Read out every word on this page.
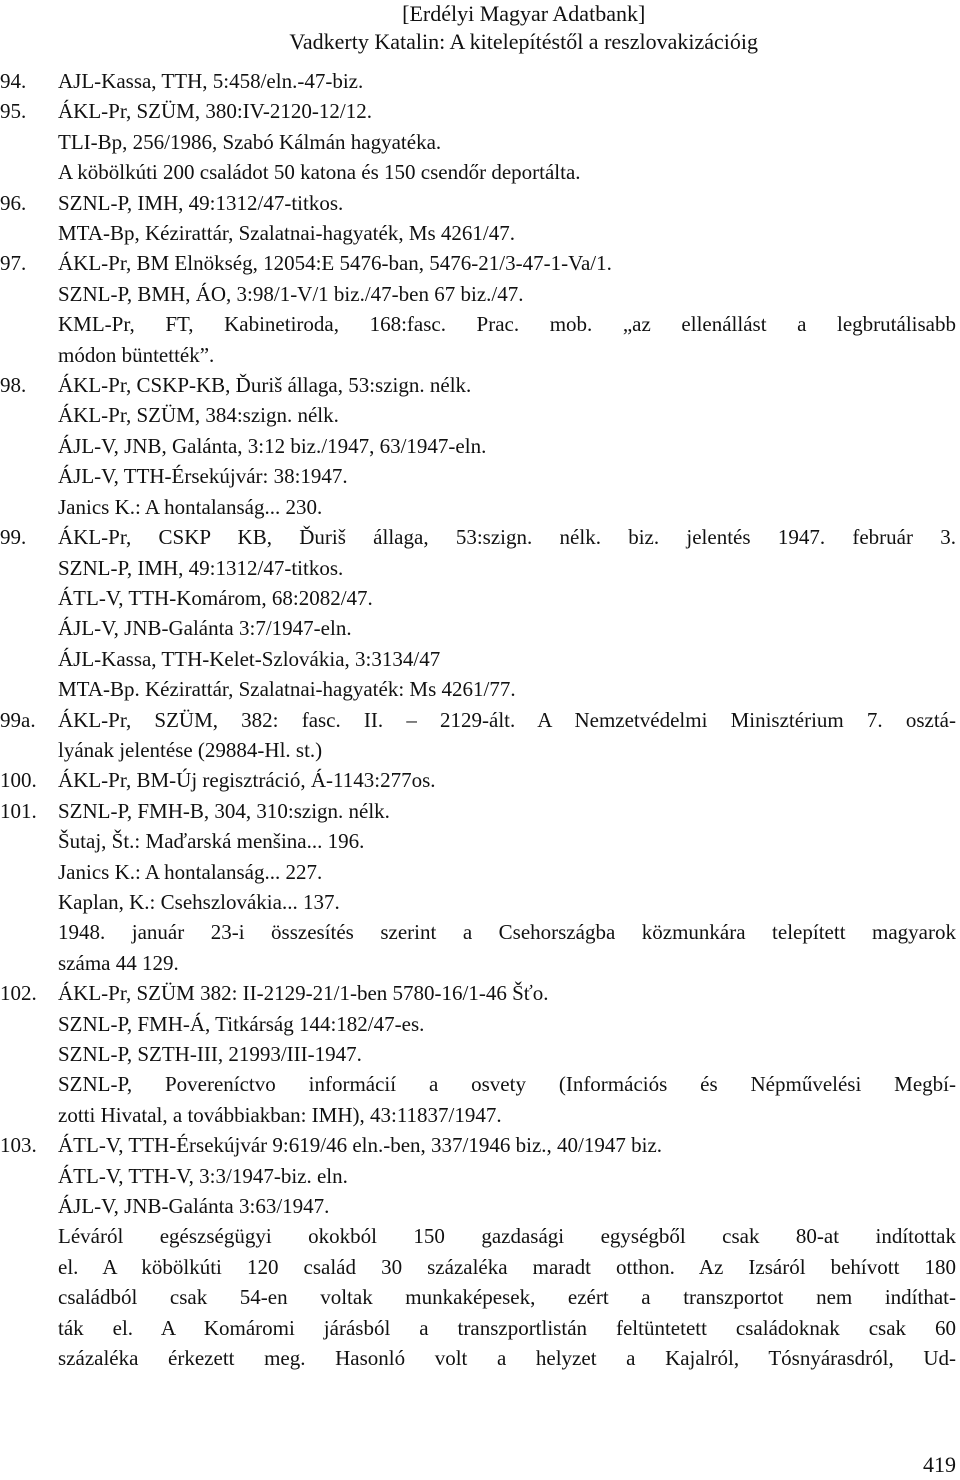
[Erdélyi Magyar Adatbank]
Vadkerty Katalin: A kitelepítéstől a reszlovakizációig
94.	AJL-Kassa, TTH, 5:458/eln.-47-biz.
95.	ÁKL-Pr, SZÜM, 380:IV-2120-12/12.
TLI-Bp, 256/1986, Szabó Kálmán hagyatéka.
A köbölkúti 200 családot 50 katona és 150 csendőr deportálta.
96.	SZNL-P, IMH, 49:1312/47-titkos.
MTA-Bp, Kézirattár, Szalatnai-hagyaték, Ms 4261/47.
97.	ÁKL-Pr, BM Elnökség, 12054:E 5476-ban, 5476-21/3-47-1-Va/1.
SZNL-P, BMH, ÁO, 3:98/1-V/1 biz./47-ben 67 biz./47.
KML-Pr, FT, Kabinetiroda, 168:fasc. Prac. mob. „az ellenállást a legbrutálisabb
módon büntették”.
98.	ÁKL-Pr, CSKP-KB, Ďuriš állaga, 53:szign. nélk.
ÁKL-Pr, SZÜM, 384:szign. nélk.
ÁJL-V, JNB, Galánta, 3:12 biz./1947, 63/1947-eln.
ÁJL-V, TTH-Érsekújvár: 38:1947.
Janics K.: A hontalanság... 230.
99.	ÁKL-Pr, CSKP KB, Ďuriš állaga, 53:szign. nélk. biz. jelentés 1947. február 3.
SZNL-P, IMH, 49:1312/47-titkos.
ÁTL-V, TTH-Komárom, 68:2082/47.
ÁJL-V, JNB-Galánta 3:7/1947-eln.
ÁJL-Kassa, TTH-Kelet-Szlovákia, 3:3134/47
MTA-Bp. Kézirattár, Szalatnai-hagyaték: Ms 4261/77.
99a.	ÁKL-Pr, SZÜM, 382: fasc. II. – 2129-ált. A Nemzetvédelmi Minisztérium 7. osztá-
lyának jelentése (29884-Hl. st.)
100.	ÁKL-Pr, BM-Új regisztráció, Á-1143:277os.
101.	SZNL-P, FMH-B, 304, 310:szign. nélk.
Šutaj, Št.: Maďarská menšina... 196.
Janics K.: A hontalanság... 227.
Kaplan, K.: Csehszlovákia... 137.
1948. január 23-i összesítés szerint a Csehországba közmunkára telepített magyarok
száma 44 129.
102.	ÁKL-Pr, SZÜM 382: II-2129-21/1-ben 5780-16/1-46 Šťo.
SZNL-P, FMH-Á, Titkárság 144:182/47-es.
SZNL-P, SZTH-III, 21993/III-1947.
SZNL-P, Povereníctvo informácií a osvety (Információs és Népművelési Megbí-
zotti Hivatal, a továbbiakban: IMH), 43:11837/1947.
103.	ÁTL-V, TTH-Érsekújvár 9:619/46 eln.-ben, 337/1946 biz., 40/1947 biz.
ÁTL-V, TTH-V, 3:3/1947-biz. eln.
ÁJL-V, JNB-Galánta 3:63/1947.
Léváról egészségügyi okokból 150 gazdasági egységből csak 80-at indítottak
el. A köbölkúti 120 család 30 százaléka maradt otthon. Az Izsáról behívott 180
családból csak 54-en voltak munkaképesek, ezért a transzportot nem indíthat-
ták el. A Komáromi járásból a transzportlistán feltüntetett családoknak csak 60
százaléka érkezett meg. Hasonló volt a helyzet a Kajalról, Tósnyárasdról, Ud-
419
